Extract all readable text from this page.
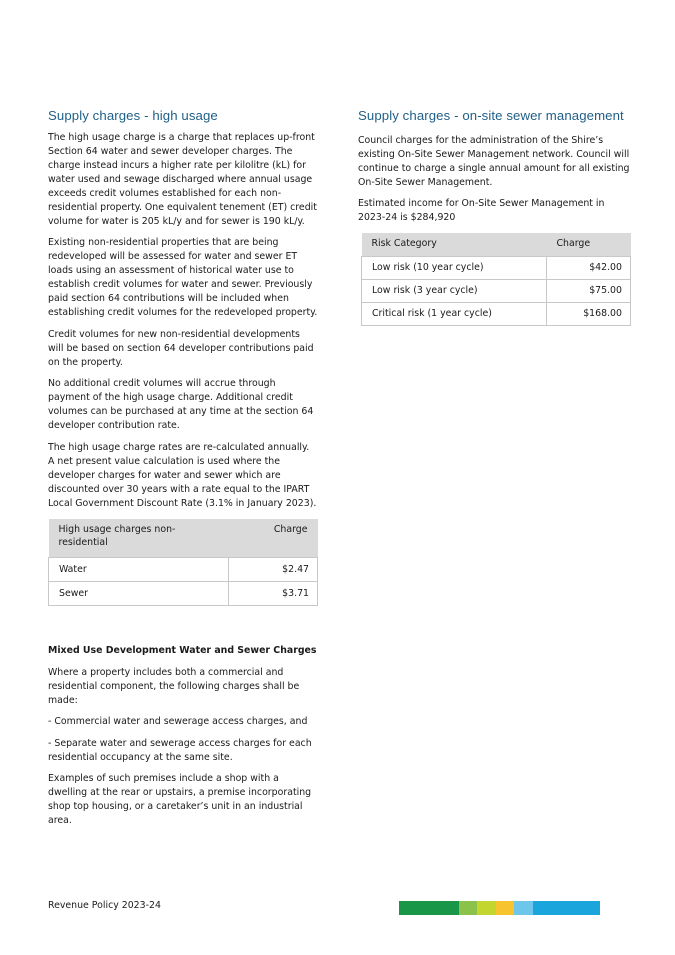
Supply charges - high usage

The high usage charge is a charge that replaces up-front Section 64 water and sewer developer charges. The charge instead incurs a higher rate per kilolitre (kL) for water used and sewage discharged where annual usage exceeds credit volumes established for each non-residential property. One equivalent tenement (ET) credit volume for water is 205 kL/y and for sewer is 190 kL/y.

Existing non-residential properties that are being redeveloped will be assessed for water and sewer ET loads using an assessment of historical water use to establish credit volumes for water and sewer. Previously paid section 64 contributions will be included when establishing credit volumes for the redeveloped property.

Credit volumes for new non-residential developments will be based on section 64 developer contributions paid on the property.

No additional credit volumes will accrue through payment of the high usage charge. Additional credit volumes can be purchased at any time at the section 64 developer contribution rate.

The high usage charge rates are re-calculated annually. A net present value calculation is used where the developer charges for water and sewer which are discounted over 30 years with a rate equal to the IPART Local Government Discount Rate (3.1% in January 2023).

High usage charges non-residential	Charge
Water	$2.47
Sewer	$3.71
Mixed Use Development Water and Sewer Charges

Where a property includes both a commercial and residential component, the following charges shall be made:

- Commercial water and sewerage access charges, and

- Separate water and sewerage access charges for each residential occupancy at the same site.

Examples of such premises include a shop with a dwelling at the rear or upstairs, a premise incorporating shop top housing, or a caretaker’s unit in an industrial area.

Supply charges - on-site sewer management

Council charges for the administration of the Shire’s existing On-Site Sewer Management network. Council will continue to charge a single annual amount for all existing On-Site Sewer Management.

Estimated income for On-Site Sewer Management in 2023-24 is $284,920

Risk Category	Charge
Low risk (10 year cycle)	$42.00
Low risk (3 year cycle)	$75.00
Critical risk (1 year cycle)	$168.00
Revenue Policy 2023-24
